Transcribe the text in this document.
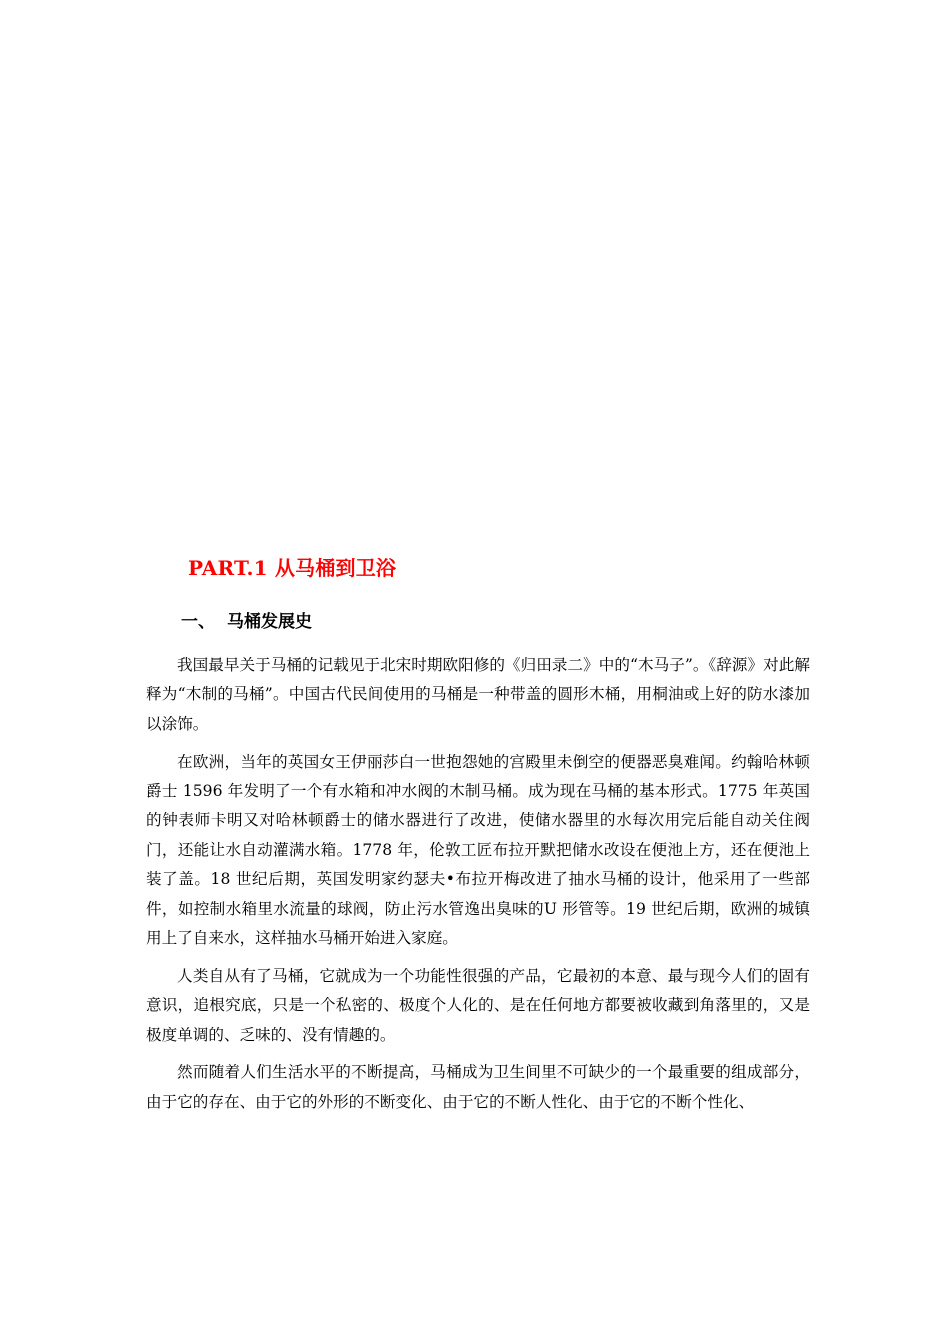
PART.1 从马桶到卫浴
一、 马桶发展史

我国最早关于马桶的记载见于北宋时期欧阳修的《归田录二》中的“木马子”。《辞源》对此解释为“木制的马桶”。中国古代民间使用的马桶是一种带盖的圆形木桶，用桐油或上好的防水漆加以涂饰。

在欧洲，当年的英国女王伊丽莎白一世抱怨她的宫殿里未倒空的便器恶臭难闻。约翰哈林顿爵士 1596 年发明了一个有水箱和冲水阀的木制马桶。成为现在马桶的基本形式。1775 年英国的钟表师卡明又对哈林顿爵士的储水器进行了改进，使储水器里的水每次用完后能自动关住阀门，还能让水自动灌满水箱。1778 年，伦敦工匠布拉开默把储水改设在便池上方，还在便池上装了盖。18 世纪后期，英国发明家约瑟夫•布拉开梅改进了抽水马桶的设计，他采用了一些部件，如控制水箱里水流量的球阀，防止污水管逸出臭味的U 形管等。19 世纪后期，欧洲的城镇用上了自来水，这样抽水马桶开始进入家庭。

人类自从有了马桶，它就成为一个功能性很强的产品，它最初的本意、最与现今人们的固有意识，追根究底，只是一个私密的、极度个人化的、是在任何地方都要被收藏到角落里的，又是极度单调的、乏味的、没有情趣的。

然而随着人们生活水平的不断提高，马桶成为卫生间里不可缺少的一个最重要的组成部分，由于它的存在、由于它的外形的不断变化、由于它的不断人性化、由于它的不断个性化、
